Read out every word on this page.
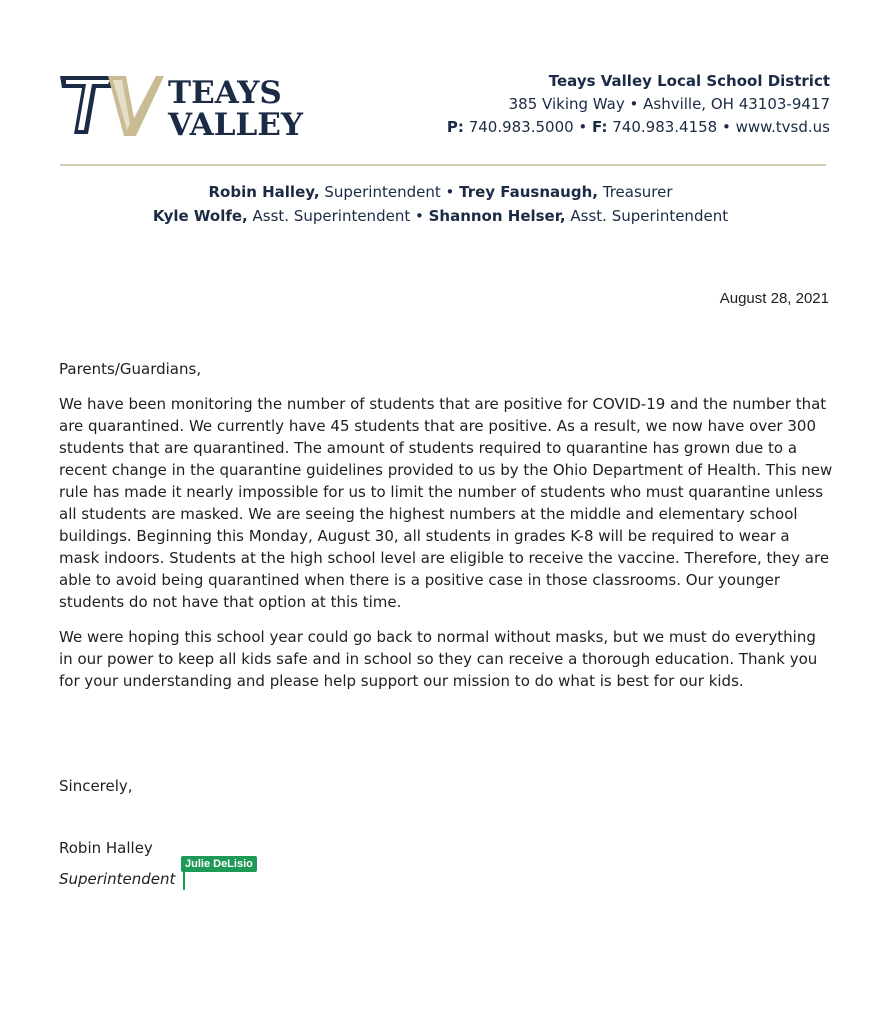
TEAYS
VALLEY
Teays Valley Local School District
385 Viking Way • Ashville, OH 43103-9417
P: 740.983.5000 • F: 740.983.4158 • www.tvsd.us
Robin Halley, Superintendent • Trey Fausnaugh, Treasurer
Kyle Wolfe, Asst. Superintendent • Shannon Helser, Asst. Superintendent
August 28, 2021

Parents/Guardians,

We have been monitoring the number of students that are positive for COVID-19 and the number that are quarantined. We currently have 45 students that are positive. As a result, we now have over 300 students that are quarantined. The amount of students required to quarantine has grown due to a recent change in the quarantine guidelines provided to us by the Ohio Department of Health. This new rule has made it nearly impossible for us to limit the number of students who must quarantine unless all students are masked. We are seeing the highest numbers at the middle and elementary school buildings. Beginning this Monday, August 30, all students in grades K-8 will be required to wear a mask indoors. Students at the high school level are eligible to receive the vaccine. Therefore, they are able to avoid being quarantined when there is a positive case in those classrooms. Our younger students do not have that option at this time.

We were hoping this school year could go back to normal without masks, but we must do everything in our power to keep all kids safe and in school so they can receive a thorough education. Thank you for your understanding and please help support our mission to do what is best for our kids.

Sincerely,
Robin Halley
Superintendent
Julie DeLisio
